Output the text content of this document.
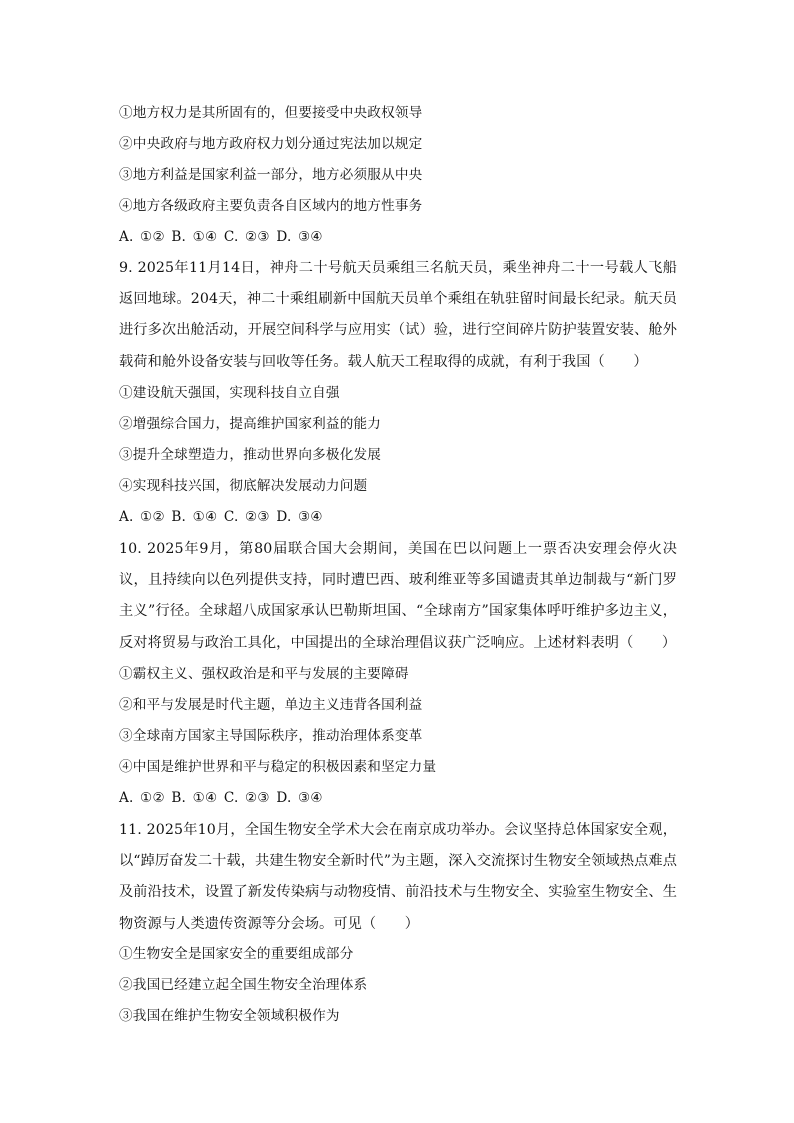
①地方权力是其所固有的，但要接受中央政权领导
②中央政府与地方政府权力划分通过宪法加以规定
③地方利益是国家利益一部分，地方必须服从中央
④地方各级政府主要负责各自区域内的地方性事务
A. ①② B. ①④ C. ②③ D. ③④
9. 2025年11月14日，神舟二十号航天员乘组三名航天员，乘坐神舟二十一号载人飞船返回地球。204天，神二十乘组刷新中国航天员单个乘组在轨驻留时间最长纪录。航天员进行多次出舱活动，开展空间科学与应用实（试）验，进行空间碎片防护装置安装、舱外载荷和舱外设备安装与回收等任务。载人航天工程取得的成就，有利于我国（　　）
①建设航天强国，实现科技自立自强
②增强综合国力，提高维护国家利益的能力
③提升全球塑造力，推动世界向多极化发展
④实现科技兴国，彻底解决发展动力问题
A. ①② B. ①④ C. ②③ D. ③④
10. 2025年9月，第80届联合国大会期间，美国在巴以问题上一票否决安理会停火决议，且持续向以色列提供支持，同时遭巴西、玻利维亚等多国谴责其单边制裁与“新门罗主义”行径。全球超八成国家承认巴勒斯坦国、“全球南方”国家集体呼吁维护多边主义，反对将贸易与政治工具化，中国提出的全球治理倡议获广泛响应。上述材料表明（　　）
①霸权主义、强权政治是和平与发展的主要障碍
②和平与发展是时代主题，单边主义违背各国利益
③全球南方国家主导国际秩序，推动治理体系变革
④中国是维护世界和平与稳定的积极因素和坚定力量
A. ①② B. ①④ C. ②③ D. ③④
11. 2025年10月，全国生物安全学术大会在南京成功举办。会议坚持总体国家安全观，以“踔厉奋发二十载，共建生物安全新时代”为主题，深入交流探讨生物安全领域热点难点及前沿技术，设置了新发传染病与动物疫情、前沿技术与生物安全、实验室生物安全、生物资源与人类遗传资源等分会场。可见（　　）
①生物安全是国家安全的重要组成部分
②我国已经建立起全国生物安全治理体系
③我国在维护生物安全领域积极作为
